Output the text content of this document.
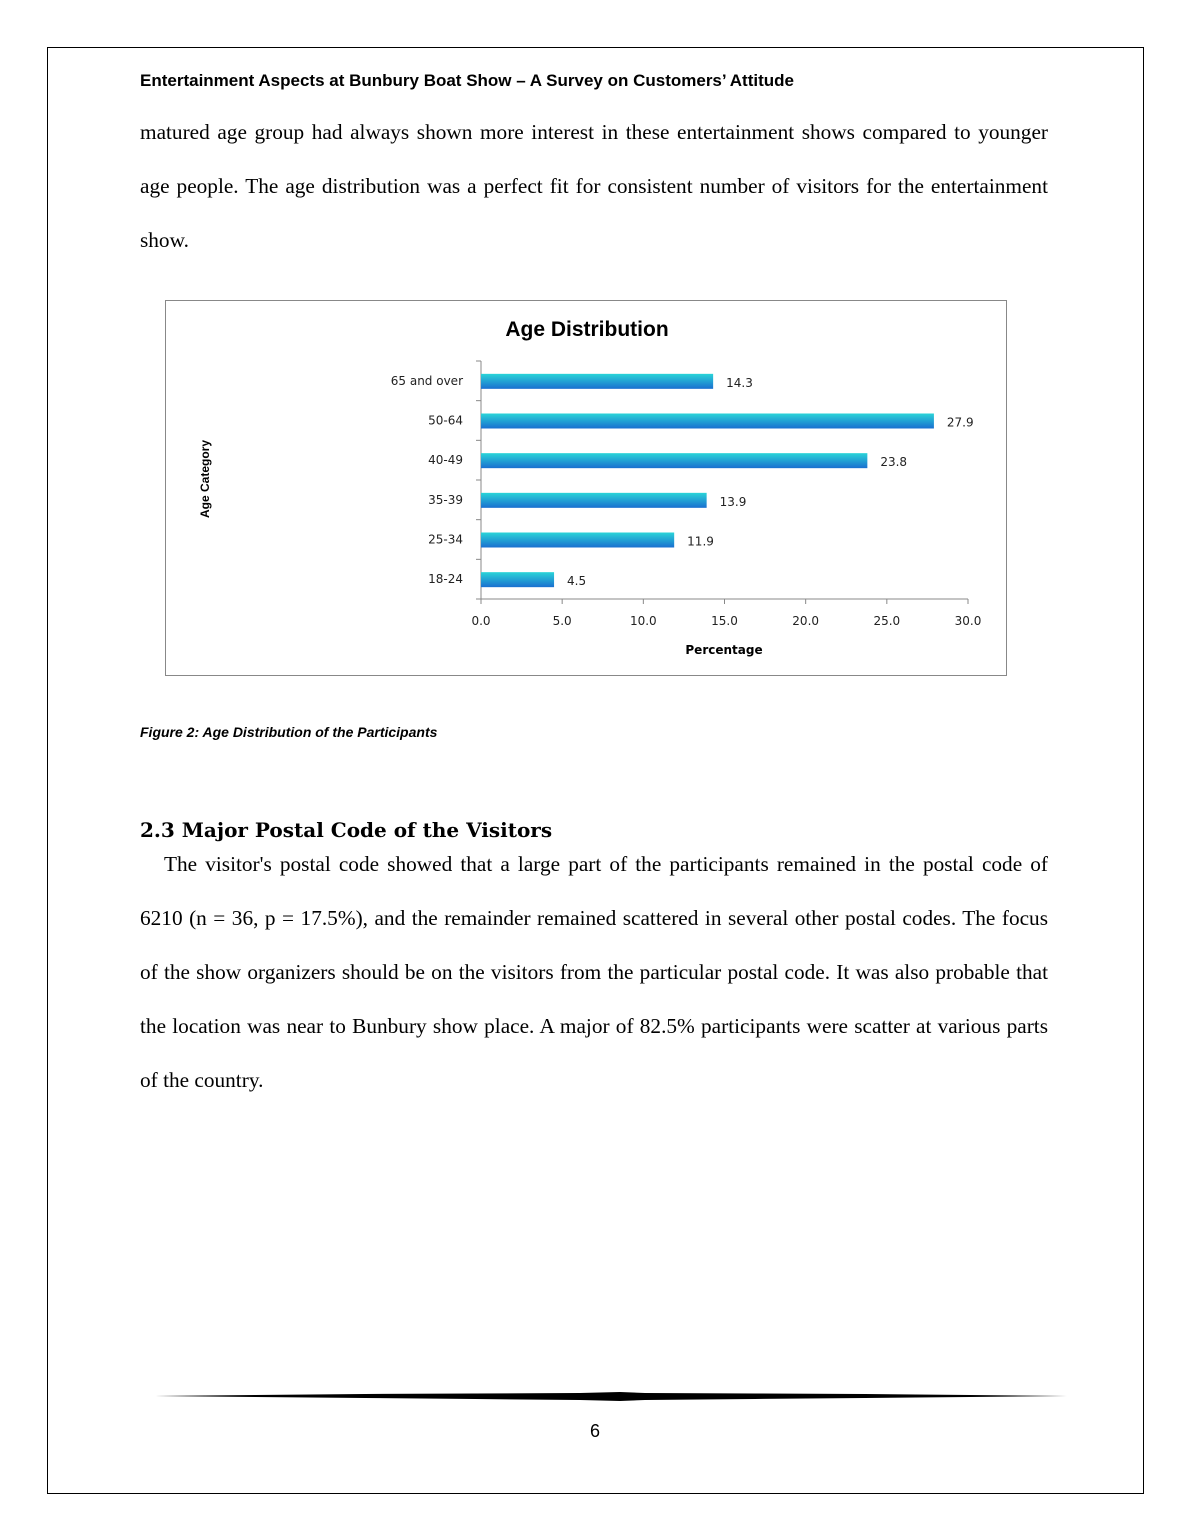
Entertainment Aspects at Bunbury Boat Show – A Survey on Customers’ Attitude

matured age group had always shown more interest in these entertainment shows compared to younger age people. The age distribution was a perfect fit for consistent number of visitors for the entertainment show.

Age Distribution
Age Category
Percentage
0.0	5.0	10.0	15.0	20.0	25.0	30.0
65 and over	14.3
50-64	27.9
40-49	23.8
35-39	13.9
25-34	11.9
18-24	4.5
Figure 2: Age Distribution of the Participants
2.3 Major Postal Code of the Visitors

The visitor's postal code showed that a large part of the participants remained in the postal code of 6210 (n = 36, p = 17.5%), and the remainder remained scattered in several other postal codes. The focus of the show organizers should be on the visitors from the particular postal code. It was also probable that the location was near to Bunbury show place. A major of 82.5% participants were scatter at various parts of the country.

6
